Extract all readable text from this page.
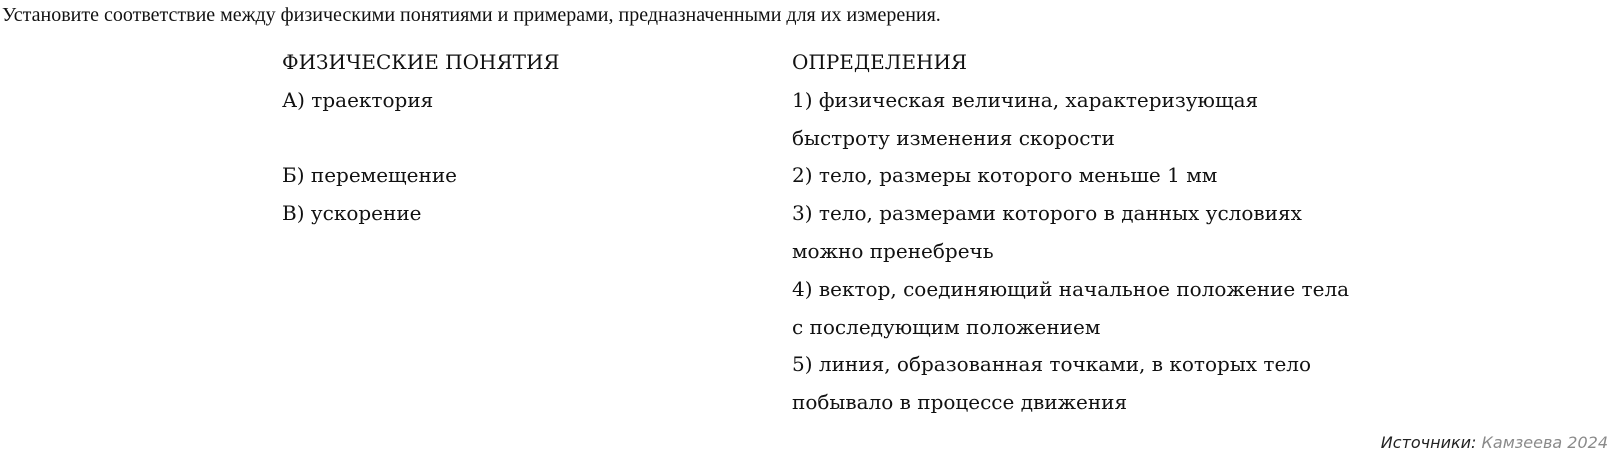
Установите соответствие между физическими понятиями и примерами, предназначенными для их измерения.
ФИЗИЧЕСКИЕ ПОНЯТИЯ	ОПРЕДЕЛЕНИЯ
А) траектория
Б) перемещение
В) ускорение
1) физическая величина, характеризующая быстроту изменения скорости
2) тело, размеры которого меньше 1 мм
3) тело, размерами которого в данных условиях можно пренебречь
4) вектор, соединяющий начальное положение тела с последующим положением
5) линия, образованная точками, в которых тело побывало в процессе движения
Источники: Камзеева 2024
